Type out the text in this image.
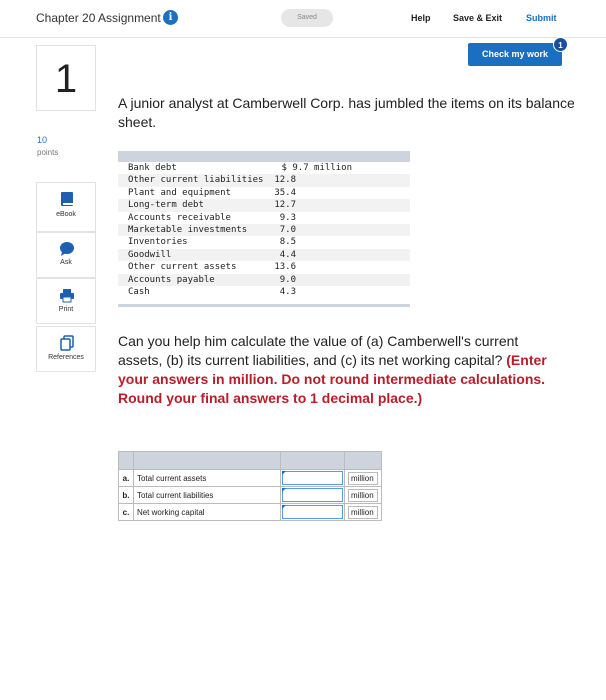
Chapter 20 Assignment i	Saved	Help Save & Exit	Submit
Check my work
1
1
10
points
eBook
Ask
Print
References
A junior analyst at Camberwell Corp. has jumbled the items on its balance sheet.
Bank debt	$ 9.7 million
Other current liabilities 12.8
Plant and equipment	35.4
Long-term debt	12.7
Accounts receivable	9.3
Marketable investments	7.0
Inventories	8.5
Goodwill	4.4
Other current assets	13.6
Accounts payable	9.0
Cash	4.3
Can you help him calculate the value of (a) Camberwell's current assets, (b) its current liabilities, and (c) its net working capital? (Enter your answers in million. Do not round intermediate calculations. Round your final answers to 1 decimal place.)

a.	Total current assets		million

b.	Total current liabilities		million

c.	Net working capital		million
